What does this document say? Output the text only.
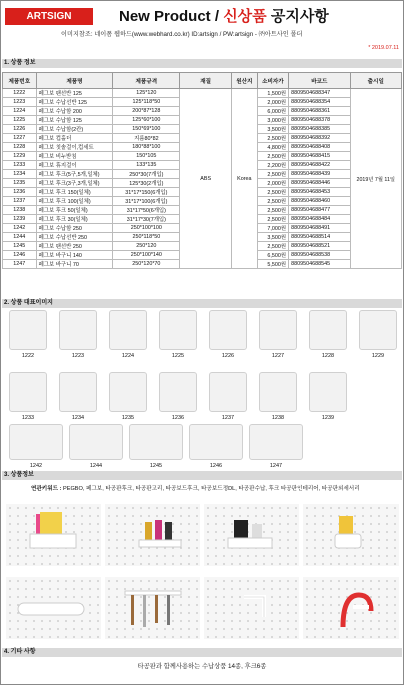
ARTSIGN	New Product / 신상품 공지사항
이미지참조: 네이폼 웹하드(www.webhard.co.kr) ID:artsign / PW:artsign - ㈜아트사인 폴더
* 2019.07.11
1. 상품 정보
제품번호	제품명	제품규격	재질	원산지	소비자가	바코드	출시일
1222	페그보 팬선반 125	125*120	ABS	Korea	1,500원	8809504688347	2019년 7월 11일
1223	페그보 수납선반 125	125*118*50			2,000원	8809504688354	
1224	페그보 수납함 200	200*87*128			6,000원	8809504688361	
1225	페그보 수납함 125	125*60*100			3,000원	8809504688378	
1226	페그보 수납함(2칸)	150*69*100			3,500원	8809504688385	
1227	페그보 컵홀더	지름80*82			2,500원	8809504688392	
1228	페그보 칫솔걸이,컵세트	180*88*100			4,800원	8809504688408	
1229	페그보 비누받침	150*105			2,500원	8809504688415	
1233	페그보 휴지걸이	133*135			2,200원	8809504688422	
1234	페그보 후크(5구,5개,일체)	250*30(7개입)			2,500원	8809504688439	
1235	페그보 후크(3구,3개,일체)	125*30(2개입)			2,000원	8809504688446	
1236	페그보 후크 150(일체)	31*17*150(6개입)			2,500원	8809504688453	
1237	페그보 후크 100(일체)	31*17*100(6개입)			2,500원	8809504688460	
1238	페그보 후크 50(일체)	31*17*50(6개입)			2,500원	8809504688477	
1239	페그보 후크 30(일체)	31*17*30(7개입)			2,500원	8809504688484	
1242	페그보 수납함 250	250*100*100			7,000원	8809504688491	
1244	페그보 수납선반 250	250*118*50			3,500원	8809504688514	
1245	페그보 팬선반 250	250*120			2,500원	8809504688521	
1246	페그보 바구니 140	250*100*140			6,500원	8809504688538	
1247	페그보 바구니 70	250*120*70			5,500원	8809504688545	
2. 상품 대표이미지
1222	1223	1224	1225	1226	1227	1228	1229
1233	1234	1235	1236	1237	1238	1239
1242	1244	1245	1246	1247
3. 상품정보
연관키워드 : PEGBO, 페그보, 타공판후크, 타공판고리, 타공보드후크, 타공보드정DL, 타공판수납, 후크 타공판인테리어, 타공판외세서리
4. 기타 사항
타공판과 함께사용하는 수납상품 14종, 후크6종
